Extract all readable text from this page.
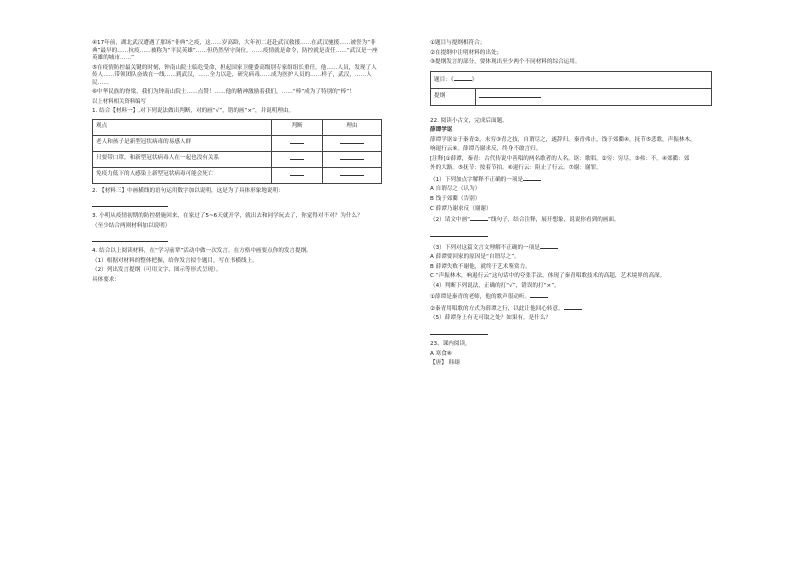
④17年前，湖北武汉遭遇了那场“非典”之疫，这……岁高龄，大年初二赶赴武汉救援……在武汉驰援……被誉为“非典”最早的……抗疫……被称为“平民英雄”……但仍然坚守岗位。……疫情就是命令，防控就是责任……“武汉是一座英雄的城市……”

⑤在疫情防控最关键的时刻，钟南山院士临危受命，担起国家卫健委高级别专家组组长重任，他……人员，发现了人传人……带领团队奋战在一线……到武汉，……全力以赴，研究病毒……成为医护人员的……样子，武汉，……人民……

⑥中华民族的脊梁，我们为钟南山院士……点赞！……他的精神激励着我们，……“棒”成为了特别的“棒”！

以上材料相关资料编写

1. 结合【材料一】,对下列说法做出判断，对的画“√”，错的画“×”，并说明理由。

观点	判断	理由
老人和孩子是新型冠状病毒的易感人群		
只要带口罩，和新型冠状病毒人在一起也没有关系		
免疫力低下的人感染上新型冠状病毒可能会死亡		

2. 【材料三】中画横线的语句运用数字加以说明，这是为了具体形象地说明：

3. 小明从疫情初期的防控措施回来，在家过了5~6天就开学，就出去和同学玩去了，你觉得对不对？为什么？

（至少结合两则材料加以说明）

4. 结合以上阅读材料，在“学习前辈”活动中做一次发言。在方格中画要点你的发言提纲。

（1）根据对材料的整体把握，给你发言拟个题目，写在书横线上。

（2）列出发言提纲（可用文字、图示等形式呈现）。

具体要求：

①题目与提纲相符合；

②在提纲中注明材料的出处；

③提纲发言的部分，要体现出至少两个不同材料的综合运用。

题目：《	》
提纲	

22. 阅读小古文，完成后面题。

薛谭学讴

薛谭学讴①于秦青②，未穷③青之技，自谓尽之，遂辞归。秦青弗止，饯于郊衢④，抚节⑤悲歌，声振林木，

响遏行云⑥。薛谭乃谢求反，终身不敢言归。

[注释]①薛谭，秦青：古代传说中善唱的两名歌者的人名。讴：歌唱。②穷：穷尽。③弗：不。④郊衢：郊

外的大路。⑤抚节：按着节拍。⑥遏行云：阻止了行云。⑦谢：谢罪。

（1）下列加点字解释不正确的一项是

A 自谓尽之（认为）

B 饯于郊衢（告别）

C 薛谭乃谢求反（谢谢）

（2）请文中画“	”线句子，结合注释，展开想象，说说你看到的画面。

（3）下列对这篇文言文理解不正确的一项是

A 薛谭要回家的原因是“自谓尽之”。

B 薛谭失败不谢他，就终于艺术鉴赏力。

C “声振林木，响遏行云”这句话中的夸张手法，体现了秦青唱歌技术的高超，艺术境界的高深。

（4）判断下列说法，正确的打“√”，错误的打“×”。

①薛谭是秦青的老师，他的歌声很动听。

②秦青用唱歌的方式为薛谭之行，以此让他回心转意。

（5）薛谭身上有无可取之处？如果有，是什么？

23、课内阅读。

A 寒食⑧

【唐】 韩翃
